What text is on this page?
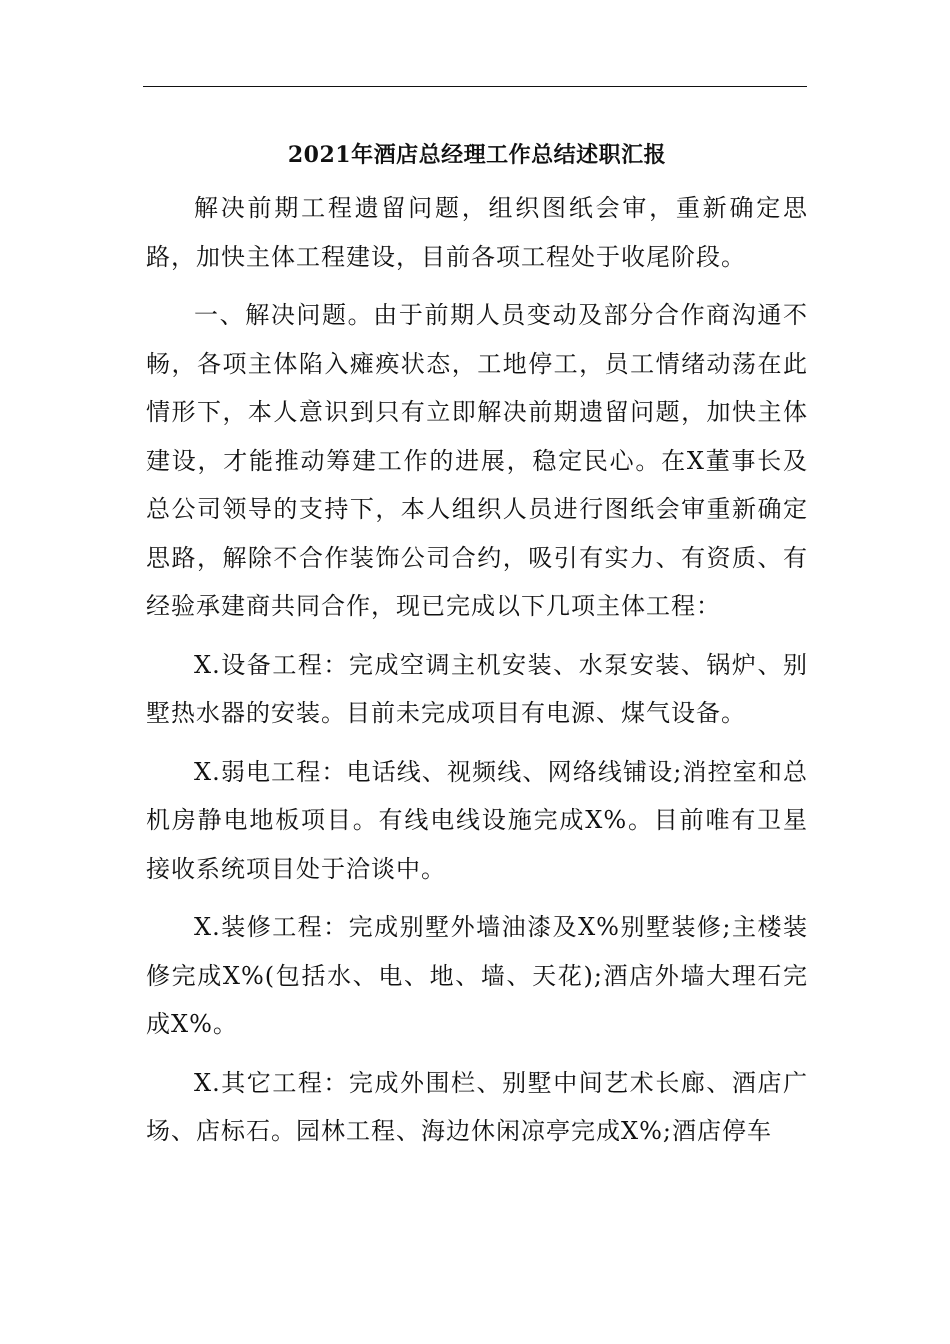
2021年酒店总经理工作总结述职汇报

解决前期工程遗留问题，组织图纸会审，重新确定思路，加快主体工程建设，目前各项工程处于收尾阶段。

一、解决问题。由于前期人员变动及部分合作商沟通不畅，各项主体陷入瘫痪状态，工地停工，员工情绪动荡在此情形下，本人意识到只有立即解决前期遗留问题，加快主体建设，才能推动筹建工作的进展，稳定民心。在X董事长及总公司领导的支持下，本人组织人员进行图纸会审重新确定思路，解除不合作装饰公司合约，吸引有实力、有资质、有经验承建商共同合作，现已完成以下几项主体工程：

X.设备工程：完成空调主机安装、水泵安装、锅炉、别墅热水器的安装。目前未完成项目有电源、煤气设备。

X.弱电工程：电话线、视频线、网络线铺设;消控室和总机房静电地板项目。有线电线设施完成X%。目前唯有卫星接收系统项目处于洽谈中。

X.装修工程：完成别墅外墙油漆及X%别墅装修;主楼装修完成X%(包括水、电、地、墙、天花);酒店外墙大理石完成X%。

X.其它工程：完成外围栏、别墅中间艺术长廊、酒店广场、店标石。园林工程、海边休闲凉亭完成X%;酒店停车
